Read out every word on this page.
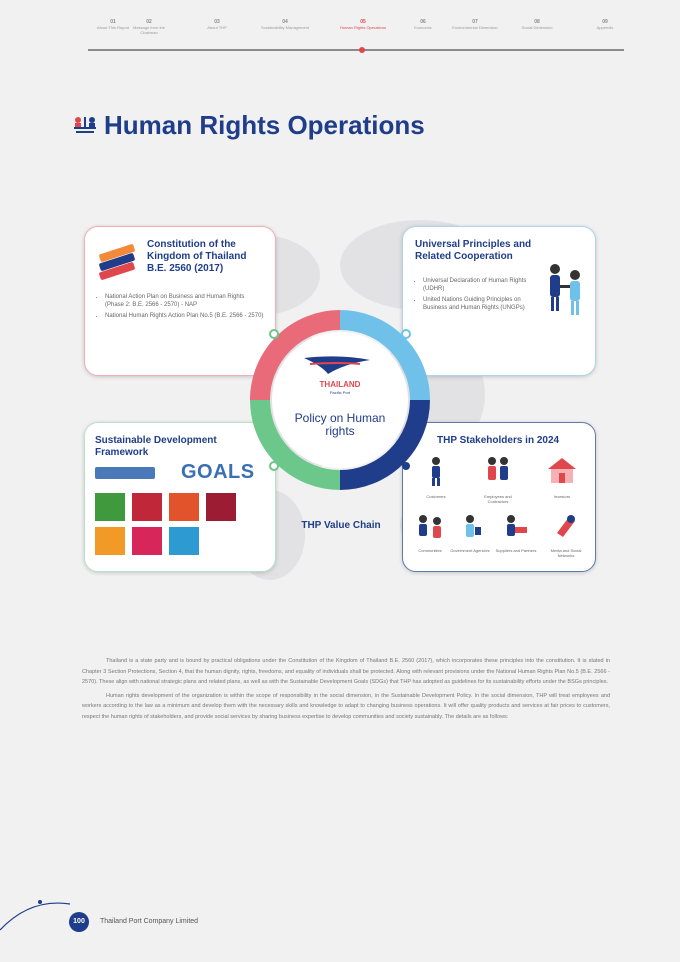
01
About This Report
02
Message from the Chairman
03
About THP
04
Sustainability Management
05
Human Rights Operations
06
Economic
07
Environmental Dimension
08
Social Dimension
09
Appendix
Human Rights Operations
Constitution of the Kingdom of Thailand B.E. 2560 (2017)
• National Action Plan on Business and Human Rights (Phase 2: B.E. 2566 - 2570) - NAP
• National Human Rights Action Plan No.5 (B.E. 2566 - 2570)
Universal Principles and Related Cooperation
• Universal Declaration of Human Rights (UDHR)
• United Nations Guiding Principles on Business and Human Rights (UNGPs)
Sustainable Development Framework
GOALS
THP Stakeholders in 2024
Customers	Employees and Contractors
Investors
Communities	Government Agencies	Suppliers and Partners	Media and Social Networks
THAILAND
Pacific Port
Policy on Human rights
THP Value Chain

Thailand is a state party and is bound by practical obligations under the Constitution of the Kingdom of Thailand B.E. 2560 (2017), which incorporates these principles into the constitution. It is stated in Chapter 3 Section Protections, Section 4, that the human dignity, rights, freedoms, and equality of individuals shall be protected. Along with relevant provisions under the National Human Rights Plan No.5 (B.E. 2566 - 2570). These align with national strategic plans and related plans, as well as with the Sustainable Development Goals (SDGs) that THP has adopted as guidelines for its sustainability efforts under the BSGs principles.

Human rights development of the organization is within the scope of responsibility in the social dimension, in the Sustainable Development Policy. In the social dimension, THP will treat employees and workers according to the law as a minimum and develop them with the necessary skills and knowledge to adapt to changing business operations. It will offer quality products and services at fair prices to customers, respect the human rights of stakeholders, and provide social services by sharing business expertise to develop communities and society sustainably. The details are as follows:

100	Thailand Port Company Limited
